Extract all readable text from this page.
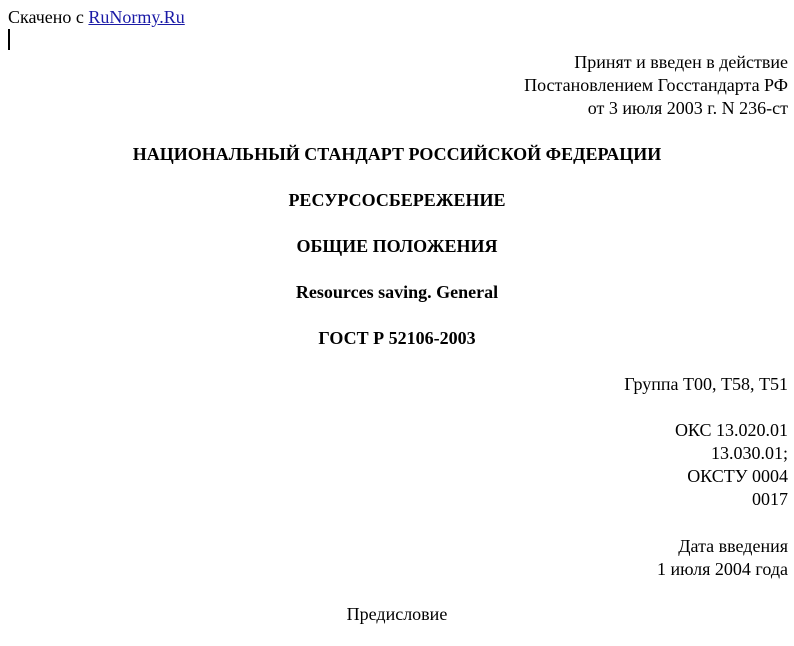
Скачено с RuNormy.Ru
Принят и введен в действие
Постановлением Госстандарта РФ
от 3 июля 2003 г. N 236-ст
НАЦИОНАЛЬНЫЙ СТАНДАРТ РОССИЙСКОЙ ФЕДЕРАЦИИ
РЕСУРСОСБЕРЕЖЕНИЕ
ОБЩИЕ ПОЛОЖЕНИЯ
Resources saving. General
ГОСТ Р 52106-2003
Группа Т00, Т58, Т51
ОКС 13.020.01
13.030.01;
ОКСТУ 0004
0017
Дата введения
1 июля 2004 года
Предисловие
